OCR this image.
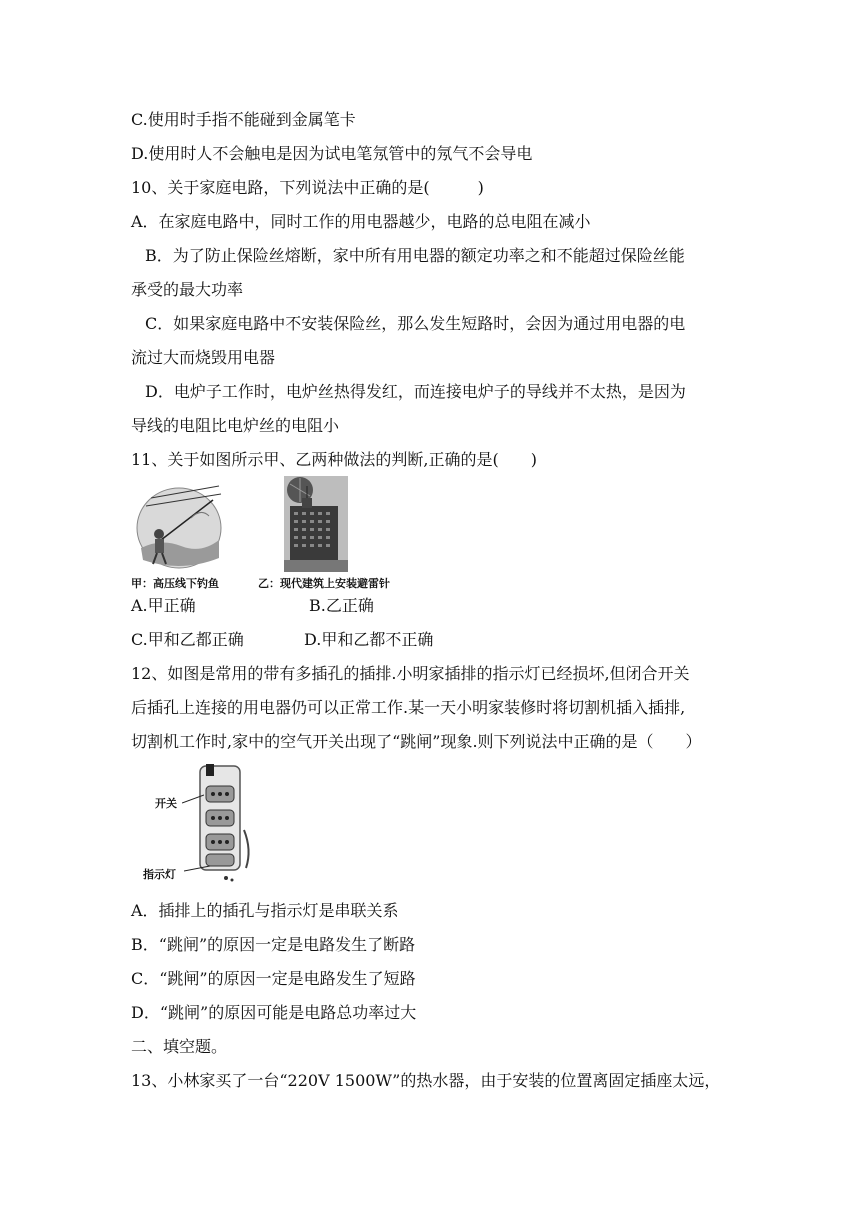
C.使用时手指不能碰到金属笔卡
D.使用时人不会触电是因为试电笔氖管中的氖气不会导电
10、关于家庭电路，下列说法中正确的是(　　　)
A．在家庭电路中，同时工作的用电器越少，电路的总电阻在减小
B．为了防止保险丝熔断，家中所有用电器的额定功率之和不能超过保险丝能
承受的最大功率
C．如果家庭电路中不安装保险丝，那么发生短路时，会因为通过用电器的电
流过大而烧毁用电器
D．电炉子工作时，电炉丝热得发红，而连接电炉子的导线并不太热，是因为
导线的电阻比电炉丝的电阻小
11、关于如图所示甲、乙两种做法的判断,正确的是(　　)
甲：高压线下钓鱼	乙：现代建筑上安装避雷针
A.甲正确	B.乙正确
C.甲和乙都正确	D.甲和乙都不正确
12、如图是常用的带有多插孔的插排.小明家插排的指示灯已经损坏,但闭合开关
后插孔上连接的用电器仍可以正常工作.某一天小明家装修时将切割机插入插排,
切割机工作时,家中的空气开关出现了“跳闸”现象.则下列说法中正确的是（　　）
开关
指示灯
A．插排上的插孔与指示灯是串联关系
B．“跳闸”的原因一定是电路发生了断路
C．“跳闸”的原因一定是电路发生了短路
D．“跳闸”的原因可能是电路总功率过大
二、填空题。
13、小林家买了一台“220V 1500W”的热水器，由于安装的位置离固定插座太远，
